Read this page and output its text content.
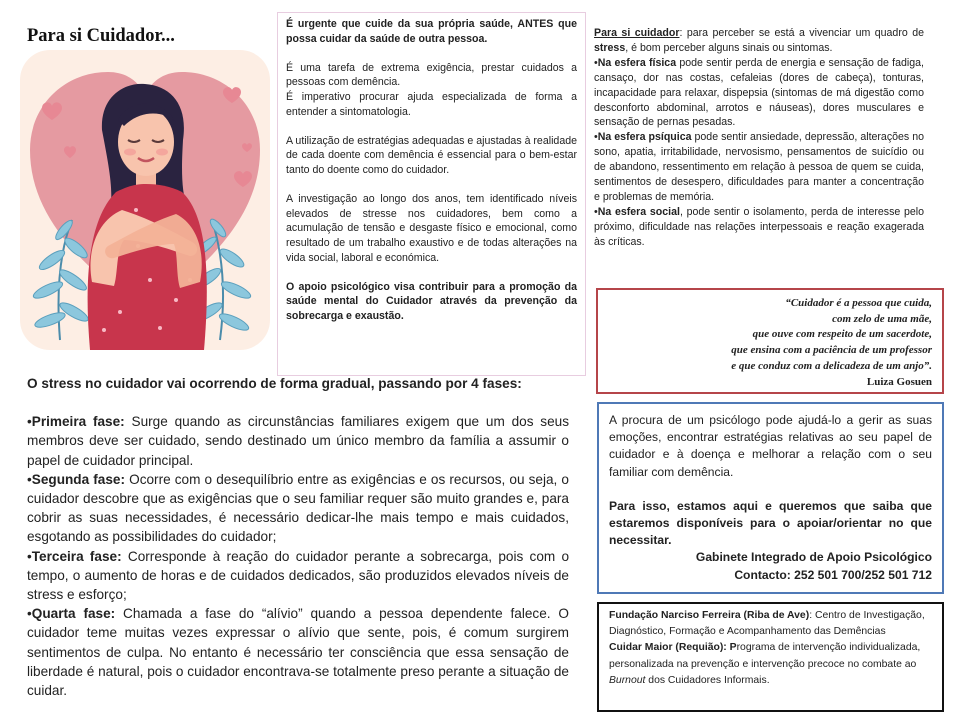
Para si Cuidador...

É urgente que cuide da sua própria saúde, ANTES que possa cuidar da saúde de outra pessoa.

É uma tarefa de extrema exigência, prestar cuidados a pessoas com demência.

É imperativo procurar ajuda especializada de forma a entender a sintomatologia.

A utilização de estratégias adequadas e ajustadas à realidade de cada doente com demência é essencial para o bem-estar tanto do doente como do cuidador.

A investigação ao longo dos anos, tem identificado níveis elevados de stresse nos cuidadores, bem como a acumulação de tensão e desgaste físico e emocional, como resultado de um trabalho exaustivo e de todas alterações na vida social, laboral e económica.

O apoio psicológico visa contribuir para a promoção da saúde mental do Cuidador através da prevenção da sobrecarga e exaustão.

Para si cuidador: para perceber se está a vivenciar um quadro de stress, é bom perceber alguns sinais ou sintomas.

•Na esfera física pode sentir perda de energia e sensação de fadiga, cansaço, dor nas costas, cefaleias (dores de cabeça), tonturas, incapacidade para relaxar, dispepsia (sintomas de má digestão como desconforto abdominal, arrotos e náuseas), dores musculares e sensação de pernas pesadas.

•Na esfera psíquica pode sentir ansiedade, depressão, alterações no sono, apatia, irritabilidade, nervosismo, pensamentos de suicídio ou de abandono, ressentimento em relação à pessoa de quem se cuida, sentimentos de desespero, dificuldades para manter a concentração e problemas de memória.

•Na esfera social, pode sentir o isolamento, perda de interesse pelo próximo, dificuldade nas relações interpessoais e reação exagerada às críticas.

“Cuidador é a pessoa que cuida,
com zelo de uma mãe,
que ouve com respeito de um sacerdote,
que ensina com a paciência de um professor
e que conduz com a delicadeza de um anjo”.
Luiza Gosuen

A procura de um psicólogo pode ajudá-lo a gerir as suas emoções, encontrar estratégias relativas ao seu papel de cuidador e à doença e melhorar a relação com o seu familiar com demência.

Para isso, estamos aqui e queremos que saiba que estaremos disponíveis para o apoiar/orientar no que necessitar.

Gabinete Integrado de Apoio Psicológico

Contacto: 252 501 700/252 501 712

Fundação Narciso Ferreira (Riba de Ave): Centro de Investigação, Diagnóstico, Formação e Acompanhamento das Demências

Cuidar Maior (Requião): Programa de intervenção individualizada, personalizada na prevenção e intervenção precoce no combate ao Burnout dos Cuidadores Informais.

O stress no cuidador vai ocorrendo de forma gradual, passando por 4 fases:

•Primeira fase: Surge quando as circunstâncias familiares exigem que um dos seus membros deve ser cuidado, sendo destinado um único membro da família a assumir o papel de cuidador principal.

•Segunda fase: Ocorre com o desequilíbrio entre as exigências e os recursos, ou seja, o cuidador descobre que as exigências que o seu familiar requer são muito grandes e, para cobrir as suas necessidades, é necessário dedicar-lhe mais tempo e mais cuidados, esgotando as possibilidades do cuidador;

•Terceira fase: Corresponde à reação do cuidador perante a sobrecarga, pois com o tempo, o aumento de horas e de cuidados dedicados, são produzidos elevados níveis de stress e esforço;

•Quarta fase: Chamada a fase do “alívio” quando a pessoa dependente falece. O cuidador teme muitas vezes expressar o alívio que sente, pois, é comum surgirem sentimentos de culpa. No entanto é necessário ter consciência que essa sensação de liberdade é natural, pois o cuidador encontrava-se totalmente preso perante a situação de cuidar.
